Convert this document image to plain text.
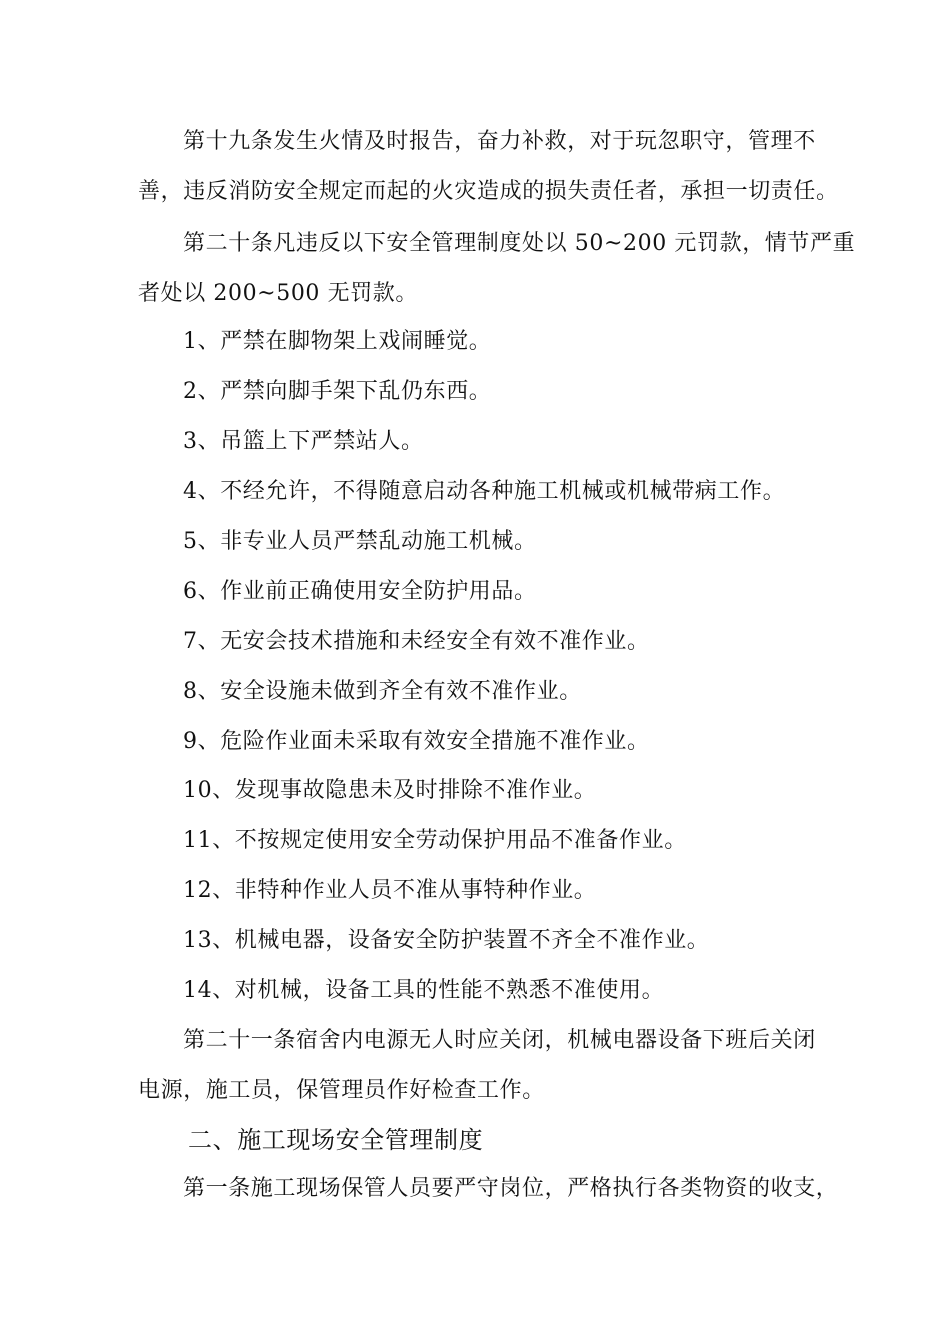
第十九条发生火情及时报告，奋力补救，对于玩忽职守，管理不
善，违反消防安全规定而起的火灾造成的损失责任者，承担一切责任。
第二十条凡违反以下安全管理制度处以 50~200 元罚款，情节严重
者处以 200~500 无罚款。
1、严禁在脚物架上戏闹睡觉。
2、严禁向脚手架下乱仍东西。
3、吊篮上下严禁站人。
4、不经允许，不得随意启动各种施工机械或机械带病工作。
5、非专业人员严禁乱动施工机械。
6、作业前正确使用安全防护用品。
7、无安会技术措施和未经安全有效不准作业。
8、安全设施未做到齐全有效不准作业。
9、危险作业面未采取有效安全措施不准作业。
10、发现事故隐患未及时排除不准作业。
11、不按规定使用安全劳动保护用品不准备作业。
12、非特种作业人员不准从事特种作业。
13、机械电器，设备安全防护装置不齐全不准作业。
14、对机械，设备工具的性能不熟悉不准使用。
第二十一条宿舍内电源无人时应关闭，机械电器设备下班后关闭
电源，施工员，保管理员作好检查工作。
二、施工现场安全管理制度
第一条施工现场保管人员要严守岗位，严格执行各类物资的收支，
